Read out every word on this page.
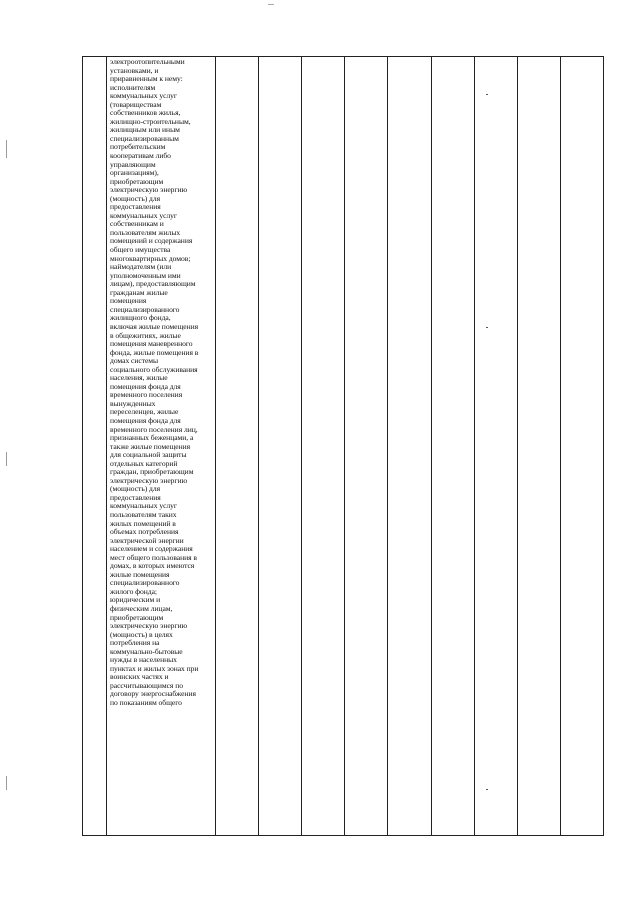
электроотопительными
установками, и
приравненным к нему:
исполнителям
коммунальных услуг
(товариществам
собственников жилья,
жилищно-строительным,
жилищным или иным
специализированным
потребительским
кооперативам либо
управляющим
организациям),
приобретающим
электрическую энергию
(мощность) для
предоставления
коммунальных услуг
собственникам и
пользователям жилых
помещений и содержания
общего имущества
многоквартирных домов;
наймодателям (или
уполномоченным ими
лицам), предоставляющим
гражданам жилые
помещения
специализированного
жилищного фонда,
включая жилые помещения
в общежитиях, жилые
помещения маневренного
фонда, жилые помещения в
домах системы
социального обслуживания
населения, жилые
помещения фонда для
временного поселения
вынужденных
переселенцев, жилые
помещения фонда для
временного поселения лиц,
признанных беженцами, а
также жилые помещения
для социальной защиты
отдельных категорий
граждан, приобретающим
электрическую энергию
(мощность) для
предоставления
коммунальных услуг
пользователям таких
жилых помещений в
объемах потребления
электрической энергии
населением и содержания
мест общего пользования в
домах, в которых имеются
жилые помещения
специализированного
жилого фонда;
юридическим и
физическим лицам,
приобретающим
электрическую энергию
(мощность) в целях
потребления на
коммунально-бытовые
нужды в населенных
пунктах и жилых зонах при
воинских частях и
рассчитывающимся по
договору энергоснабжения
по показаниям общего
